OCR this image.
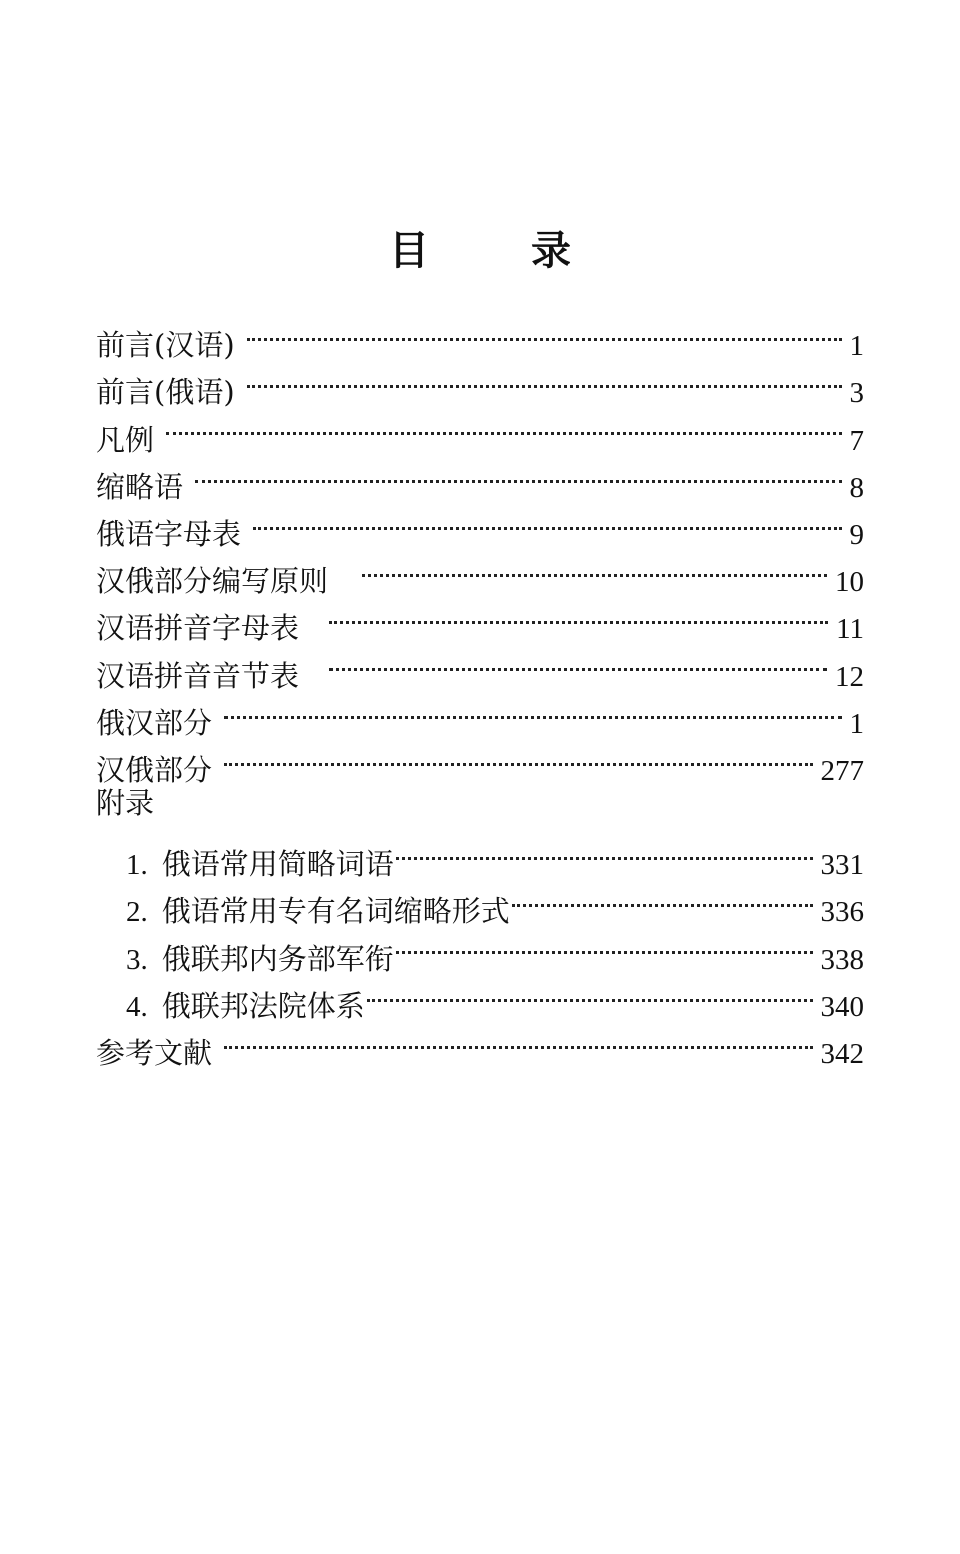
目 录
前言(汉语)	1
前言(俄语)	3
凡例	7
缩略语	8
俄语字母表	9
汉俄部分编写原则	10
汉语拼音字母表	11
汉语拼音音节表	12
俄汉部分	1
汉俄部分	277
附录
1. 俄语常用简略词语	331
2. 俄语常用专有名词缩略形式	336
3. 俄联邦内务部军衔	338
4. 俄联邦法院体系	340
参考文献	342
